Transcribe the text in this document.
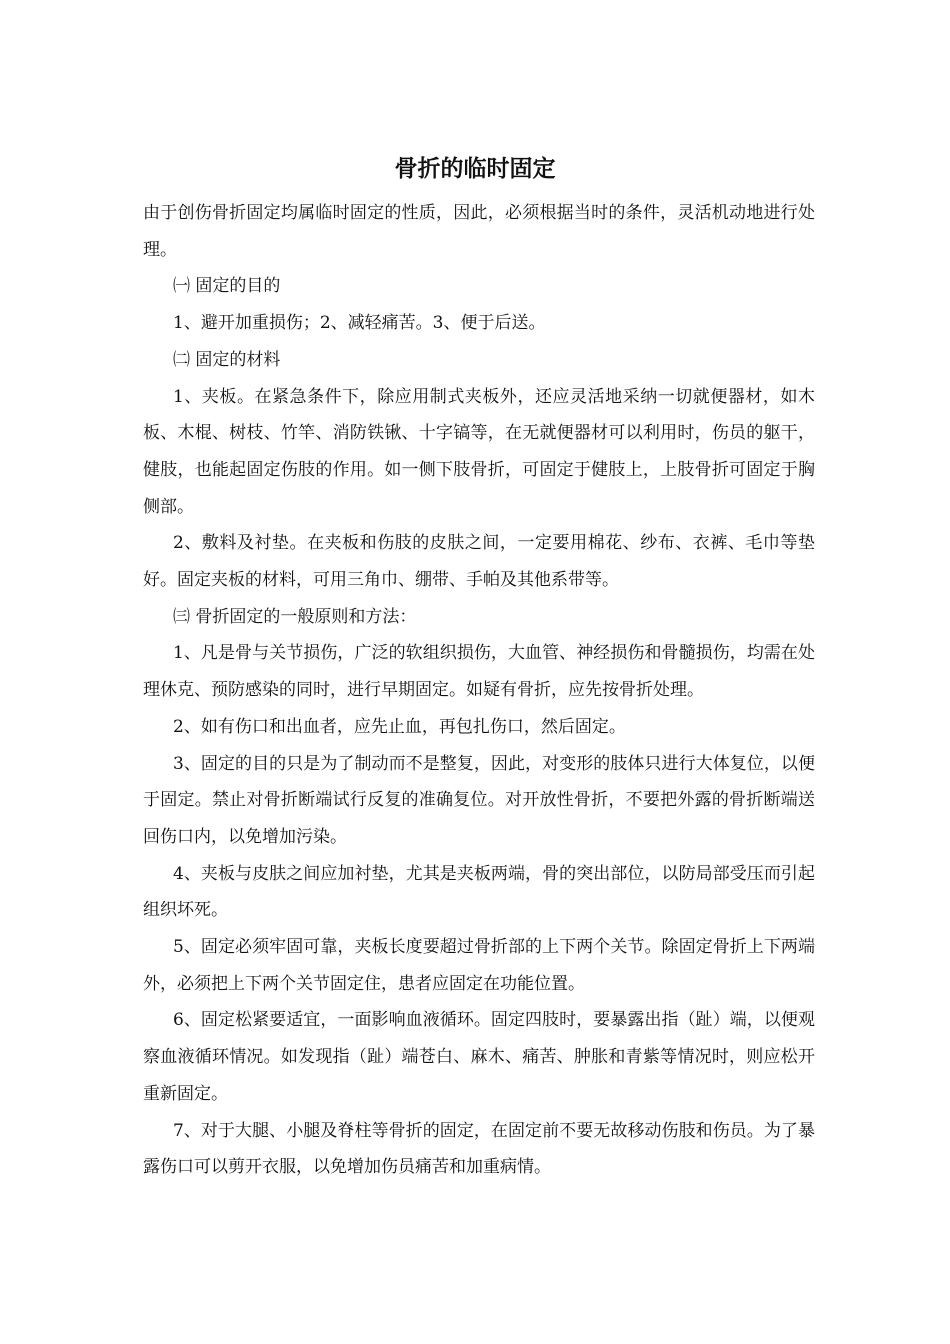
骨折的临时固定

由于创伤骨折固定均属临时固定的性质，因此，必须根据当时的条件，灵活机动地进行处理。

㈠ 固定的目的

1、避开加重损伤；2、减轻痛苦。3、便于后送。

㈡ 固定的材料

1、夹板。在紧急条件下，除应用制式夹板外，还应灵活地采纳一切就便器材，如木板、木棍、树枝、竹竿、消防铁锹、十字镐等，在无就便器材可以利用时，伤员的躯干，健肢，也能起固定伤肢的作用。如一侧下肢骨折，可固定于健肢上，上肢骨折可固定于胸侧部。

2、敷料及衬垫。在夹板和伤肢的皮肤之间，一定要用棉花、纱布、衣裤、毛巾等垫好。固定夹板的材料，可用三角巾、绷带、手帕及其他系带等。

㈢ 骨折固定的一般原则和方法：

1、凡是骨与关节损伤，广泛的软组织损伤，大血管、神经损伤和骨髓损伤，均需在处理休克、预防感染的同时，进行早期固定。如疑有骨折，应先按骨折处理。

2、如有伤口和出血者，应先止血，再包扎伤口，然后固定。

3、固定的目的只是为了制动而不是整复，因此，对变形的肢体只进行大体复位，以便于固定。禁止对骨折断端试行反复的准确复位。对开放性骨折，不要把外露的骨折断端送回伤口内，以免增加污染。

4、夹板与皮肤之间应加衬垫，尤其是夹板两端，骨的突出部位，以防局部受压而引起组织坏死。

5、固定必须牢固可靠，夹板长度要超过骨折部的上下两个关节。除固定骨折上下两端外，必须把上下两个关节固定住，患者应固定在功能位置。

6、固定松紧要适宜，一面影响血液循环。固定四肢时，要暴露出指（趾）端，以便观察血液循环情况。如发现指（趾）端苍白、麻木、痛苦、肿胀和青紫等情况时，则应松开重新固定。

7、对于大腿、小腿及脊柱等骨折的固定，在固定前不要无故移动伤肢和伤员。为了暴露伤口可以剪开衣服，以免增加伤员痛苦和加重病情。
